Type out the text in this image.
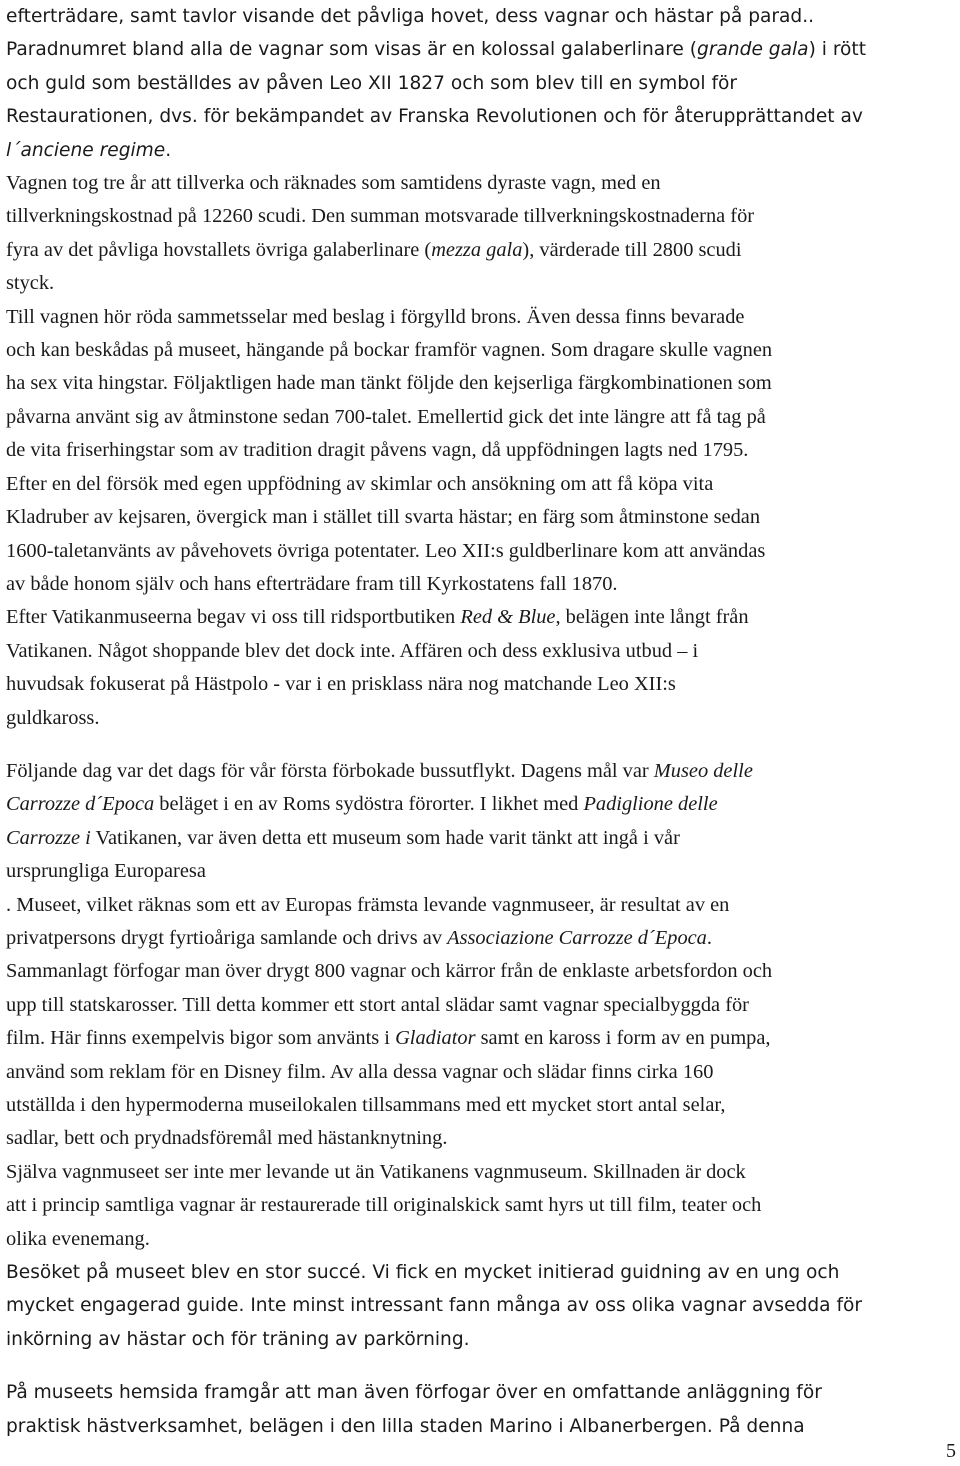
efterträdare, samt tavlor visande det påvliga hovet, dess vagnar och hästar på parad..
Paradnumret bland alla de vagnar som visas är en kolossal galaberlinare (grande gala) i rött
och guld som beställdes av påven Leo XII 1827 och som blev till en symbol för
Restaurationen, dvs. för bekämpandet av Franska Revolutionen och för återupprättandet av
l´anciene regime.
Vagnen tog tre år att tillverka och räknades som samtidens dyraste vagn, med en
tillverkningskostnad på 12260 scudi. Den summan motsvarade tillverkningskostnaderna för
fyra av det påvliga hovstallets övriga galaberlinare (mezza gala), värderade till 2800 scudi
styck.
Till vagnen hör röda sammetsselar med beslag i förgylld brons. Även dessa finns bevarade
och kan beskådas på museet, hängande på bockar framför vagnen. Som dragare skulle vagnen
ha sex vita hingstar. Följaktligen hade man tänkt följde den kejserliga färgkombinationen som
påvarna använt sig av åtminstone sedan 700-talet. Emellertid gick det inte längre att få tag på
de vita friserhingstar som av tradition dragit påvens vagn, då uppfödningen lagts ned 1795.
Efter en del försök med egen uppfödning av skimlar och ansökning om att få köpa vita
Kladruber av kejsaren, övergick man i stället till svarta hästar; en färg som åtminstone sedan
1600-taletanvänts av påvehovets övriga potentater. Leo XII:s guldberlinare kom att användas
av både honom själv och hans efterträdare fram till Kyrkostatens fall 1870.
Efter Vatikanmuseerna begav vi oss till ridsportbutiken Red & Blue, belägen inte långt från
Vatikanen. Något shoppande blev det dock inte. Affären och dess exklusiva utbud – i
huvudsak fokuserat på Hästpolo - var i en prisklass nära nog matchande Leo XII:s
guldkaross.
Följande dag var det dags för vår första förbokade bussutflykt. Dagens mål var Museo delle
Carrozze d´Epoca beläget i en av Roms sydöstra förorter. I likhet med Padiglione delle
Carrozze i Vatikanen, var även detta ett museum som hade varit tänkt att ingå i vår
ursprungliga Europaresa
. Museet, vilket räknas som ett av Europas främsta levande vagnmuseer, är resultat av en
privatpersons drygt fyrtioåriga samlande och drivs av Associazione Carrozze d´Epoca.
Sammanlagt förfogar man över drygt 800 vagnar och kärror från de enklaste arbetsfordon och
upp till statskarosser. Till detta kommer ett stort antal slädar samt vagnar specialbyggda för
film. Här finns exempelvis bigor som använts i Gladiator samt en kaross i form av en pumpa,
använd som reklam för en Disney film. Av alla dessa vagnar och slädar finns cirka 160
utställda i den hypermoderna museilokalen tillsammans med ett mycket stort antal selar,
sadlar, bett och prydnadsföremål med hästanknytning.
Själva vagnmuseet ser inte mer levande ut än Vatikanens vagnmuseum. Skillnaden är dock
att i princip samtliga vagnar är restaurerade till originalskick samt hyrs ut till film, teater och
olika evenemang.
Besöket på museet blev en stor succé. Vi fick en mycket initierad guidning av en ung och
mycket engagerad guide. Inte minst intressant fann många av oss olika vagnar avsedda för
inkörning av hästar och för träning av parkörning.
På museets hemsida framgår att man även förfogar över en omfattande anläggning för
praktisk hästverksamhet, belägen i den lilla staden Marino i Albanerbergen. På denna
5
